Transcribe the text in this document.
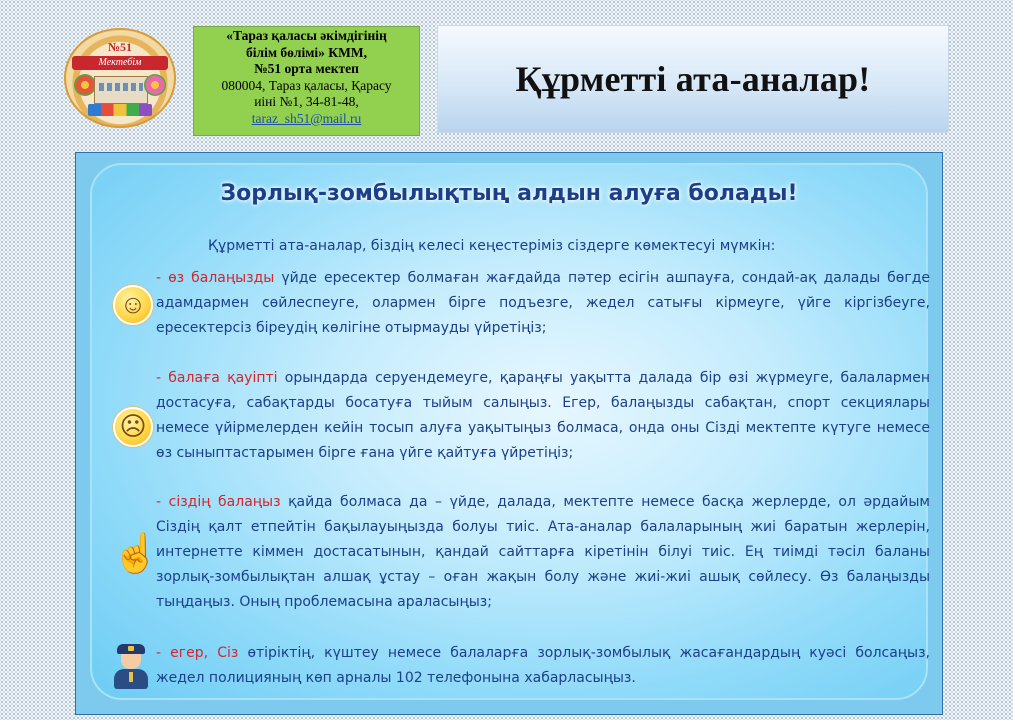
№51
Мектебім
«Тараз қаласы әкімдігінің
білім бөлімі» КММ,
№51 орта мектеп
080004, Тараз қаласы, Қарасу
иіні №1, 34-81-48,
taraz_sh51@mail.ru
Құрметті ата-аналар!
Зорлық-зомбылықтың алдын алуға болады!
Құрметті ата-аналар, біздің келесі кеңестеріміз сіздерге көмектесуі мүмкін:
☺
- өз балаңызды үйде ересектер болмаған жағдайда пәтер есігін ашпауға, сондай-ақ далады бөгде адамдармен сөйлеспеуге, олармен бірге подъезге, жедел сатығы кірмеуге, үйге кіргізбеуге, ересектерсіз біреудің көлігіне отырмауды үйретіңіз;
☹
- балаға қауіпті орындарда серуендемеуге, қараңғы уақытта далада бір өзі жүрмеуге, балалармен достасуға, сабақтарды босатуға тыйым салыңыз. Егер, балаңызды сабақтан, спорт секциялары немесе үйірмелерден кейін тосып алуға уақытыңыз болмаса, онда оны Сізді мектепте күтуге немесе өз сыныптастарымен бірге ғана үйге қайтуға үйретіңіз;
☝
- сіздің балаңыз қайда болмаса да – үйде, далада, мектепте немесе басқа жерлерде, ол әрдайым Сіздің қалт етпейтін бақылауыңызда болуы тиіс. Ата-аналар балаларының жиі баратын жерлерін, интернетте кіммен достасатынын, қандай сайттарға кіретінін білуі тиіс. Ең тиімді тәсіл баланы зорлық-зомбылықтан алшақ ұстау – оған жақын болу және жиі-жиі ашық сөйлесу. Өз балаңызды тыңдаңыз. Оның проблемасына араласыңыз;
- егер, Сіз өтіріктің, күштеу немесе балаларға зорлық-зомбылық жасағандардың куәсі болсаңыз, жедел полицияның көп арналы 102 телефонына хабарласыңыз.
